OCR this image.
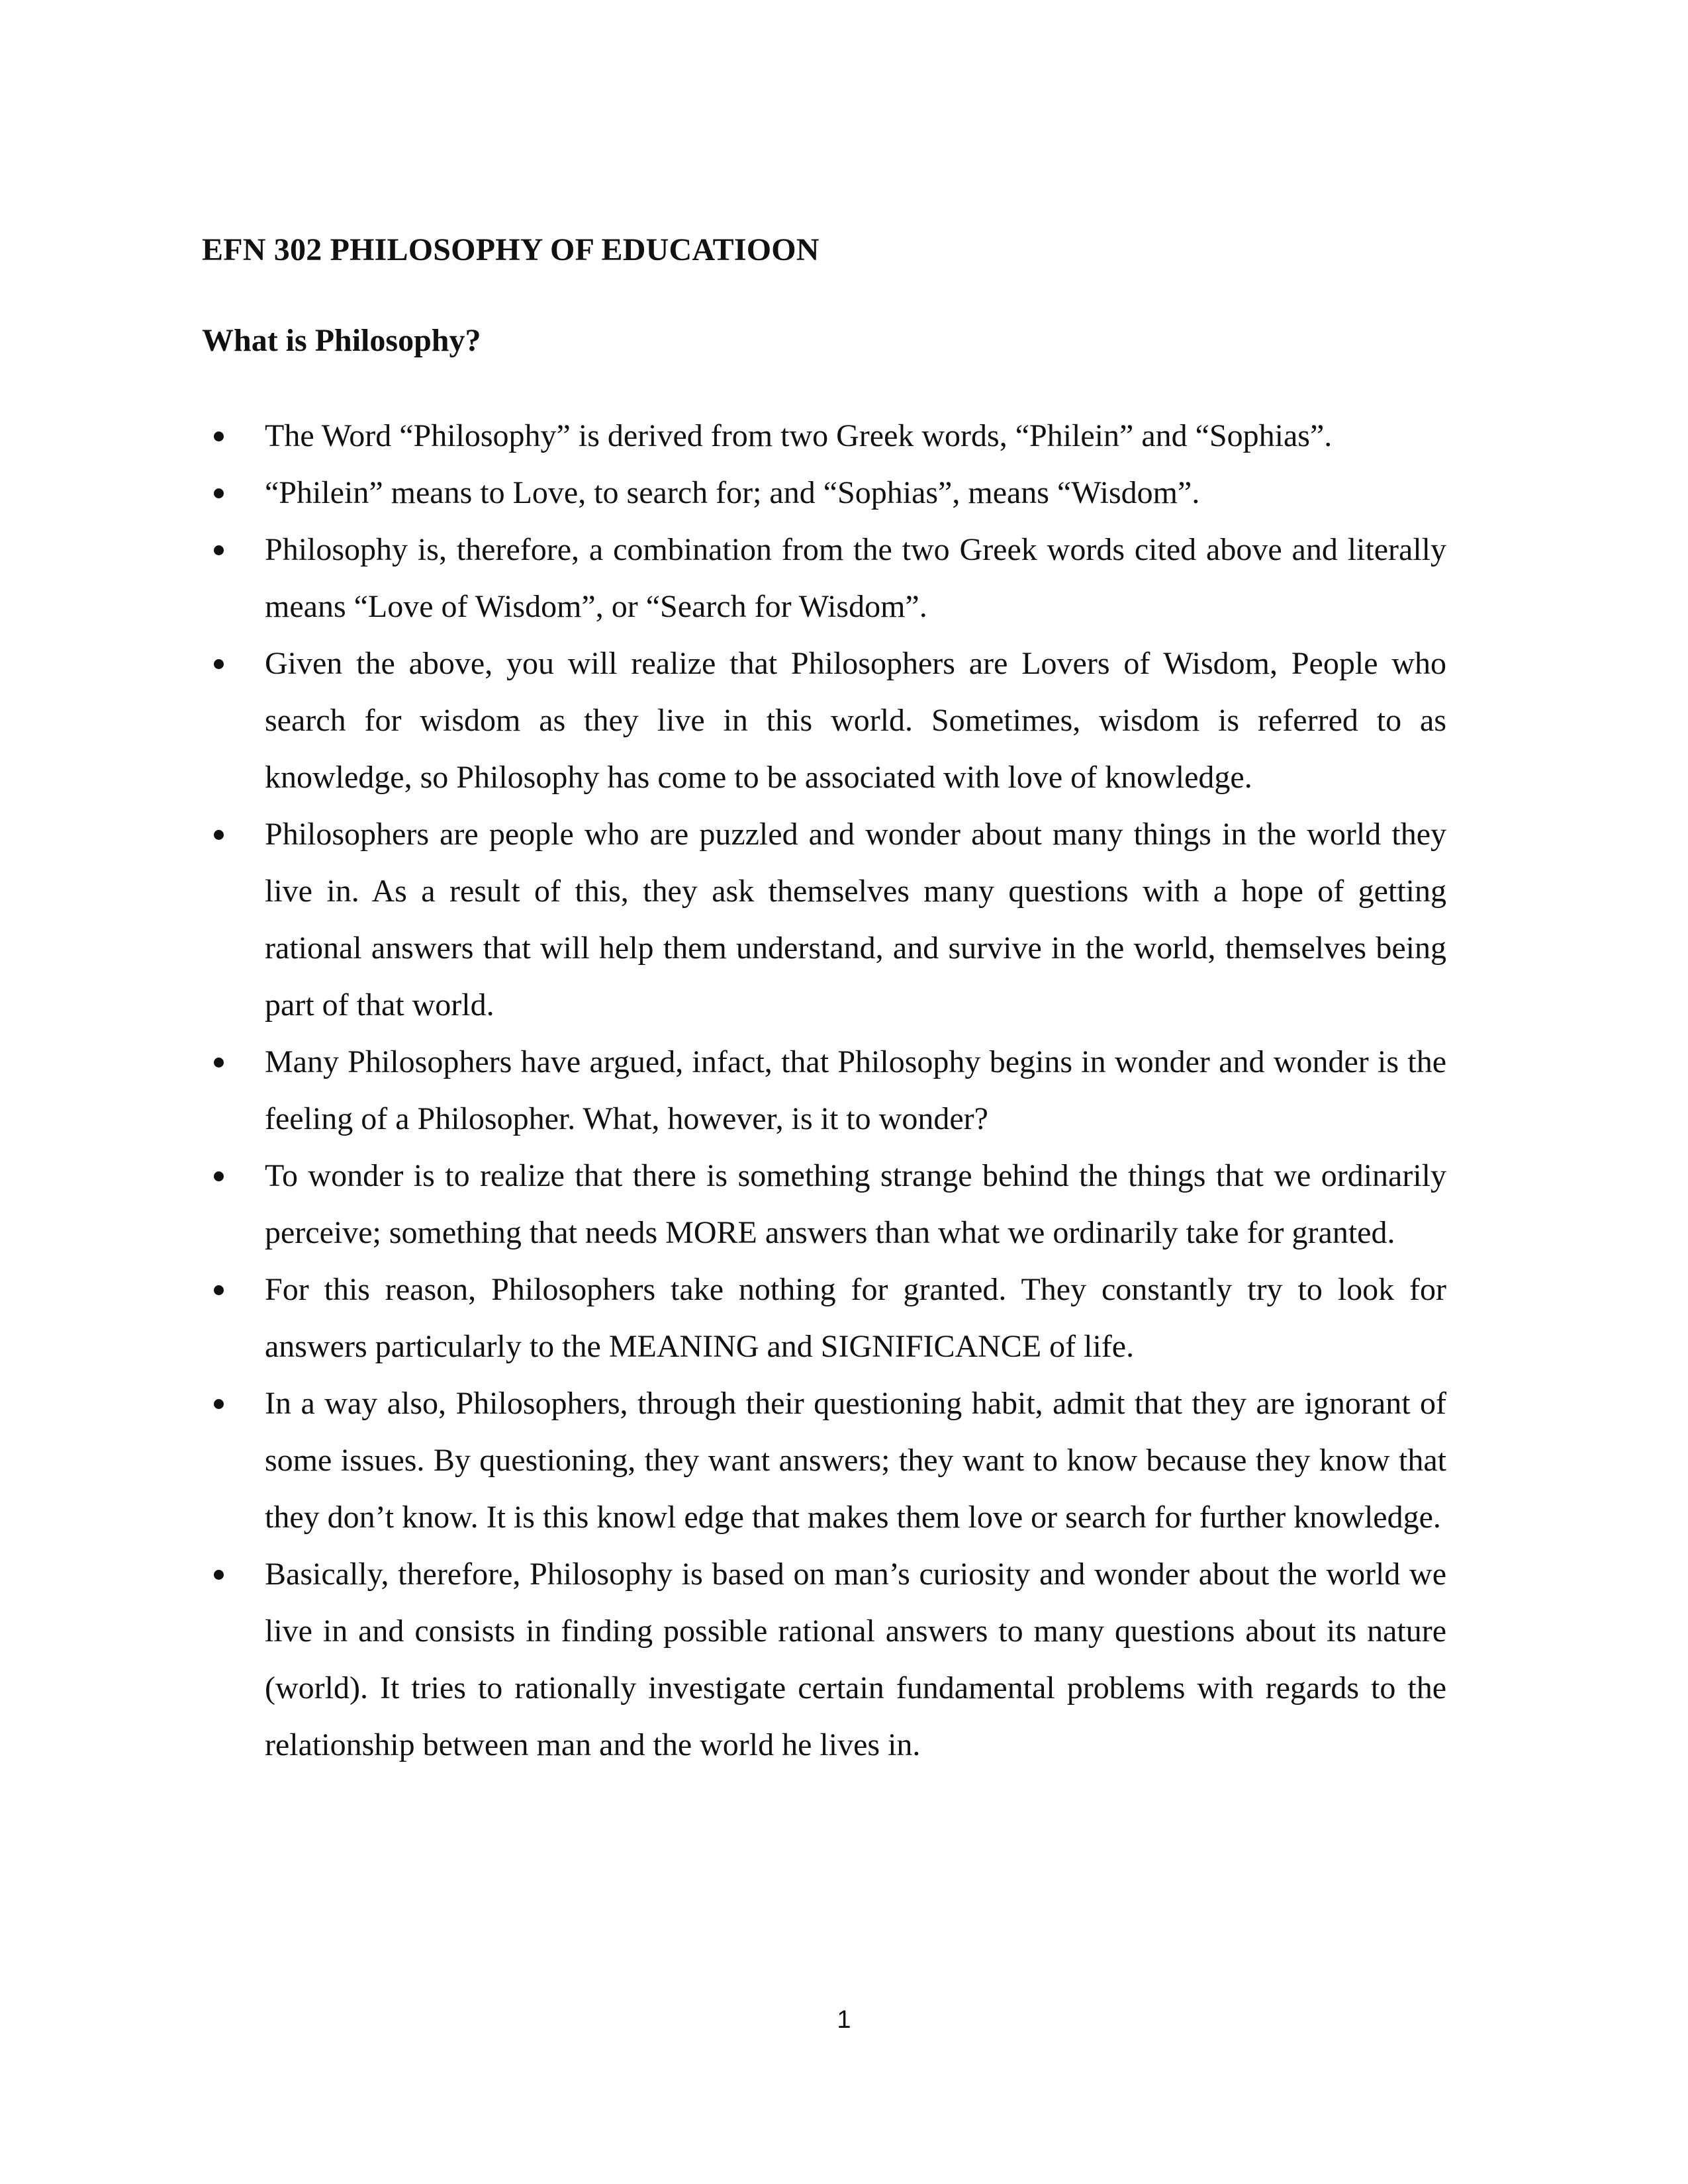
EFN 302 PHILOSOPHY OF EDUCATIOON
What is Philosophy?
The Word “Philosophy” is derived from two Greek words, “Philein” and “Sophias”.
“Philein” means to Love, to search for; and “Sophias”, means “Wisdom”.
Philosophy is, therefore, a combination from the two Greek words cited above and literally means “Love of Wisdom”, or “Search for Wisdom”.
Given the above, you will realize that Philosophers are Lovers of Wisdom, People who search for wisdom as they live in this world. Sometimes, wisdom is referred to as knowledge, so Philosophy has come to be associated with love of knowledge.
Philosophers are people who are puzzled and wonder about many things in the world they live in. As a result of this, they ask themselves many questions with a hope of getting rational answers that will help them understand, and survive in the world, themselves being part of that world.
Many Philosophers have argued, infact, that Philosophy begins in wonder and wonder is the feeling of a Philosopher. What, however, is it to wonder?
To wonder is to realize that there is something strange behind the things that we ordinarily perceive; something that needs MORE answers than what we ordinarily take for granted.
For this reason, Philosophers take nothing for granted. They constantly try to look for answers particularly to the MEANING and SIGNIFICANCE of life.
In a way also, Philosophers, through their questioning habit, admit that they are ignorant of some issues. By questioning, they want answers; they want to know because they know that they don’t know. It is this knowl edge that makes them love or search for further knowledge.
Basically, therefore, Philosophy is based on man’s curiosity and wonder about the world we live in and consists in finding possible rational answers to many questions about its nature (world). It tries to rationally investigate certain fundamental problems with regards to the relationship between man and the world he lives in.

1
